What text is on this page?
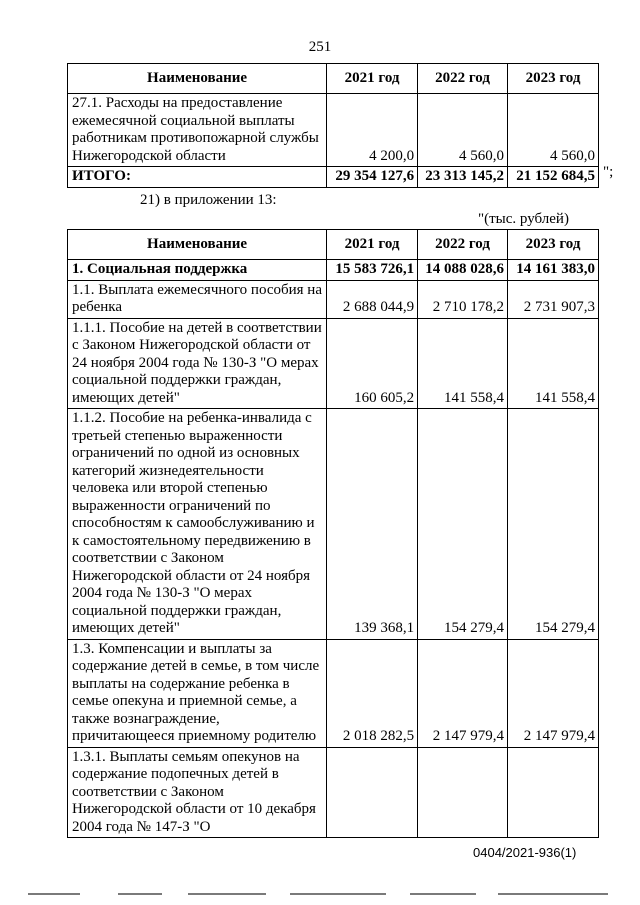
251
Наименование	2021 год	2022 год	2023 год
27.1. Расходы на предоставление ежемесячной социальной выплаты работникам противопожарной службы Нижегородской области	4 200,0	4 560,0	4 560,0
ИТОГО:	29 354 127,6	23 313 145,2	21 152 684,5 ";
21) в приложении 13:
"(тыс. рублей)
Наименование	2021 год	2022 год	2023 год
1. Социальная поддержка	15 583 726,1	14 088 028,6	14 161 383,0
1.1. Выплата ежемесячного пособия на ребенка	2 688 044,9	2 710 178,2	2 731 907,3
1.1.1. Пособие на детей в соответствии с Законом Нижегородской области от 24 ноября 2004 года № 130-З "О мерах социальной поддержки граждан, имеющих детей"	160 605,2	141 558,4	141 558,4
1.1.2. Пособие на ребенка-инвалида с третьей степенью выраженности ограничений по одной из основных категорий жизнедеятельности человека или второй степенью выраженности ограничений по способностям к самообслуживанию и к самостоятельному передвижению в соответствии с Законом Нижегородской области от 24 ноября 2004 года № 130-З "О мерах социальной поддержки граждан, имеющих детей"	139 368,1	154 279,4	154 279,4
1.3. Компенсации и выплаты за содержание детей в семье, в том числе выплаты на содержание ребенка в семье опекуна и приемной семье, а также вознаграждение, причитающееся приемному родителю	2 018 282,5	2 147 979,4	2 147 979,4
1.3.1. Выплаты семьям опекунов на содержание подопечных детей в соответствии с Законом Нижегородской области от 10 декабря 2004 года № 147-З "О			
0404/2021-936(1)
